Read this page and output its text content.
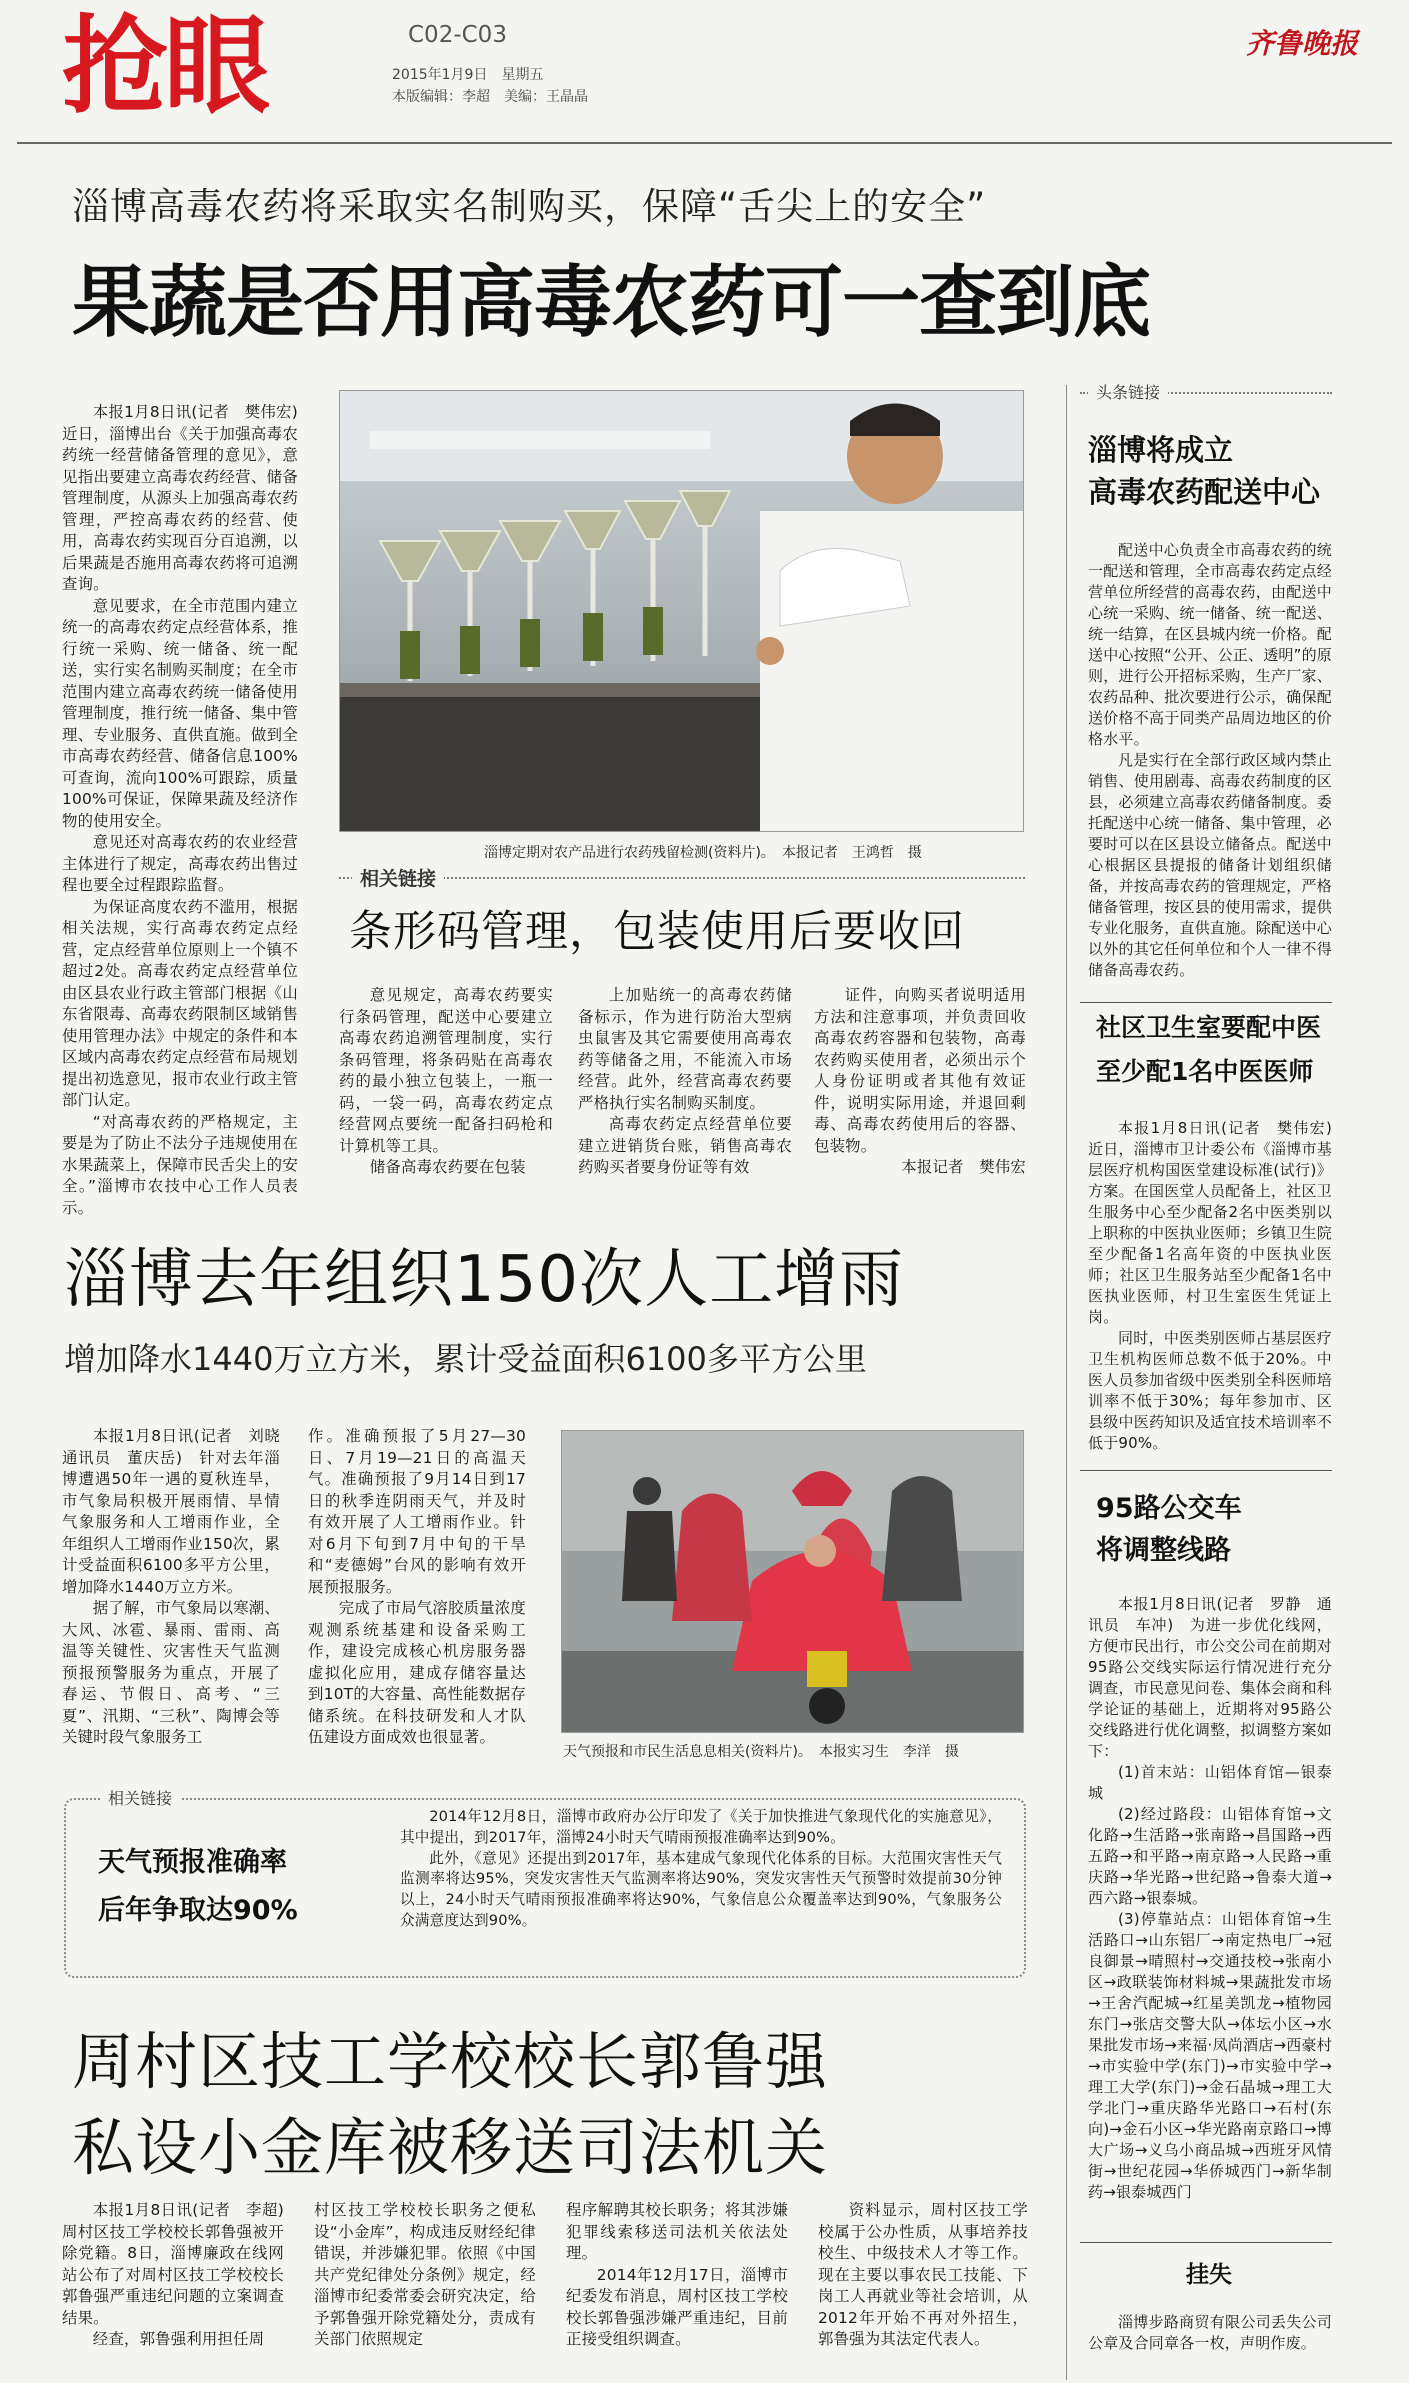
抢眼	C02-C03
2015年1月9日　星期五
本版编辑：李超　美编：王晶晶
齐鲁晚报
淄博高毒农药将采取实名制购买，保障“舌尖上的安全”
果蔬是否用高毒农药可一查到底

本报1月8日讯(记者　樊伟宏)　近日，淄博出台《关于加强高毒农药统一经营储备管理的意见》，意见指出要建立高毒农药经营、储备管理制度，从源头上加强高毒农药管理，严控高毒农药的经营、使用，高毒农药实现百分百追溯，以后果蔬是否施用高毒农药将可追溯查询。

意见要求，在全市范围内建立统一的高毒农药定点经营体系，推行统一采购、统一储备、统一配送，实行实名制购买制度；在全市范围内建立高毒农药统一储备使用管理制度，推行统一储备、集中管理、专业服务、直供直施。做到全市高毒农药经营、储备信息100%可查询，流向100%可跟踪，质量100%可保证，保障果蔬及经济作物的使用安全。

意见还对高毒农药的农业经营主体进行了规定，高毒农药出售过程也要全过程跟踪监督。

为保证高度农药不滥用，根据相关法规，实行高毒农药定点经营，定点经营单位原则上一个镇不超过2处。高毒农药定点经营单位由区县农业行政主管部门根据《山东省限毒、高毒农药限制区域销售使用管理办法》中规定的条件和本区域内高毒农药定点经营布局规划提出初选意见，报市农业行政主管部门认定。

“对高毒农药的严格规定，主要是为了防止不法分子违规使用在水果蔬菜上，保障市民舌尖上的安全。”淄博市农技中心工作人员表示。

淄博定期对农产品进行农药残留检测(资料片)。　本报记者　王鸿哲　摄
相关链接
条形码管理，包装使用后要收回

意见规定，高毒农药要实行条码管理，配送中心要建立高毒农药追溯管理制度，实行条码管理，将条码贴在高毒农药的最小独立包装上，一瓶一码，一袋一码，高毒农药定点经营网点要统一配备扫码枪和计算机等工具。

储备高毒农药要在包装

上加贴统一的高毒农药储备标示，作为进行防治大型病虫鼠害及其它需要使用高毒农药等储备之用，不能流入市场经营。此外，经营高毒农药要严格执行实名制购买制度。

高毒农药定点经营单位要建立进销货台账，销售高毒农药购买者要身份证等有效

证件，向购买者说明适用方法和注意事项，并负责回收高毒农药容器和包装物，高毒农药购买使用者，必须出示个人身份证明或者其他有效证件，说明实际用途，并退回剩毒、高毒农药使用后的容器、包装物。

本报记者　樊伟宏

头条链接
淄博将成立
高毒农药配送中心

配送中心负责全市高毒农药的统一配送和管理，全市高毒农药定点经营单位所经营的高毒农药，由配送中心统一采购、统一储备、统一配送、统一结算，在区县城内统一价格。配送中心按照“公开、公正、透明”的原则，进行公开招标采购，生产厂家、农药品种、批次要进行公示，确保配送价格不高于同类产品周边地区的价格水平。

凡是实行在全部行政区域内禁止销售、使用剧毒、高毒农药制度的区县，必须建立高毒农药储备制度。委托配送中心统一储备、集中管理，必要时可以在区县设立储备点。配送中心根据区县提报的储备计划组织储备，并按高毒农药的管理规定，严格储备管理，按区县的使用需求，提供专业化服务，直供直施。除配送中心以外的其它任何单位和个人一律不得储备高毒农药。

社区卫生室要配中医
至少配1名中医医师

本报1月8日讯(记者　樊伟宏)　近日，淄博市卫计委公布《淄博市基层医疗机构国医堂建设标准(试行)》方案。在国医堂人员配备上，社区卫生服务中心至少配备2名中医类别以上职称的中医执业医师；乡镇卫生院至少配备1名高年资的中医执业医师；社区卫生服务站至少配备1名中医执业医师，村卫生室医生凭证上岗。

同时，中医类别医师占基层医疗卫生机构医师总数不低于20%。中医人员参加省级中医类别全科医师培训率不低于30%；每年参加市、区县级中医药知识及适宜技术培训率不低于90%。

95路公交车
将调整线路

本报1月8日讯(记者　罗静　通讯员　车冲)　为进一步优化线网，方便市民出行，市公交公司在前期对95路公交线实际运行情况进行充分调查，市民意见问卷、集体会商和科学论证的基础上，近期将对95路公交线路进行优化调整，拟调整方案如下：

(1)首末站：山铝体育馆—银泰城

(2)经过路段：山铝体育馆→文化路→生活路→张南路→昌国路→西五路→和平路→南京路→人民路→重庆路→华光路→世纪路→鲁泰大道→西六路→银泰城。

(3)停靠站点：山铝体育馆→生活路口→山东铝厂→南定热电厂→冠良御景→晴照村→交通技校→张南小区→政联装饰材料城→果蔬批发市场→王舍汽配城→红星美凯龙→植物园东门→张店交警大队→体坛小区→水果批发市场→来福·凤尚酒店→西豪村→市实验中学(东门)→市实验中学→理工大学(东门)→金石晶城→理工大学北门→重庆路华光路口→石村(东向)→金石小区→华光路南京路口→博大广场→义乌小商品城→西班牙风情街→世纪花园→华侨城西门→新华制药→银泰城西门

挂失
淄博步路商贸有限公司丢失公司公章及合同章各一枚，声明作废。
淄博去年组织150次人工增雨
增加降水1440万立方米，累计受益面积6100多平方公里

本报1月8日讯(记者　刘晓　通讯员　董庆岳)　针对去年淄博遭遇50年一遇的夏秋连旱，市气象局积极开展雨情、旱情气象服务和人工增雨作业，全年组织人工增雨作业150次，累计受益面积6100多平方公里，增加降水1440万立方米。

据了解，市气象局以寒潮、大风、冰雹、暴雨、雷雨、高温等关键性、灾害性天气监测预报预警服务为重点，开展了春运、节假日、高考、“三夏”、汛期、“三秋”、陶博会等关键时段气象服务工

作。准确预报了5月27—30日、7月19—21日的高温天气。准确预报了9月14日到17日的秋季连阴雨天气，并及时有效开展了人工增雨作业。针对6月下旬到7月中旬的干旱和“麦德姆”台风的影响有效开展预报服务。

完成了市局气溶胶质量浓度观测系统基建和设备采购工作，建设完成核心机房服务器虚拟化应用，建成存储容量达到10T的大容量、高性能数据存储系统。在科技研发和人才队伍建设方面成效也很显著。

天气预报和市民生活息息相关(资料片)。　本报实习生　李洋　摄
相关链接
天气预报准确率
后年争取达90%

2014年12月8日，淄博市政府办公厅印发了《关于加快推进气象现代化的实施意见》，其中提出，到2017年，淄博24小时天气晴雨预报准确率达到90%。

此外，《意见》还提出到2017年，基本建成气象现代化体系的目标。大范围灾害性天气监测率将达95%，突发灾害性天气监测率将达90%，突发灾害性天气预警时效提前30分钟以上，24小时天气晴雨预报准确率将达90%，气象信息公众覆盖率达到90%，气象服务公众满意度达到90%。

周村区技工学校校长郭鲁强
私设小金库被移送司法机关

本报1月8日讯(记者　李超)　周村区技工学校校长郭鲁强被开除党籍。8日，淄博廉政在线网站公布了对周村区技工学校校长郭鲁强严重违纪问题的立案调查结果。

经查，郭鲁强利用担任周

村区技工学校校长职务之便私设“小金库”，构成违反财经纪律错误，并涉嫌犯罪。依照《中国共产党纪律处分条例》规定，经淄博市纪委常委会研究决定，给予郭鲁强开除党籍处分，责成有关部门依照规定

程序解聘其校长职务；将其涉嫌犯罪线索移送司法机关依法处理。

2014年12月17日，淄博市纪委发布消息，周村区技工学校校长郭鲁强涉嫌严重违纪，目前正接受组织调查。

资料显示，周村区技工学校属于公办性质，从事培养技校生、中级技术人才等工作。现在主要以事农民工技能、下岗工人再就业等社会培训，从2012年开始不再对外招生，郭鲁强为其法定代表人。
